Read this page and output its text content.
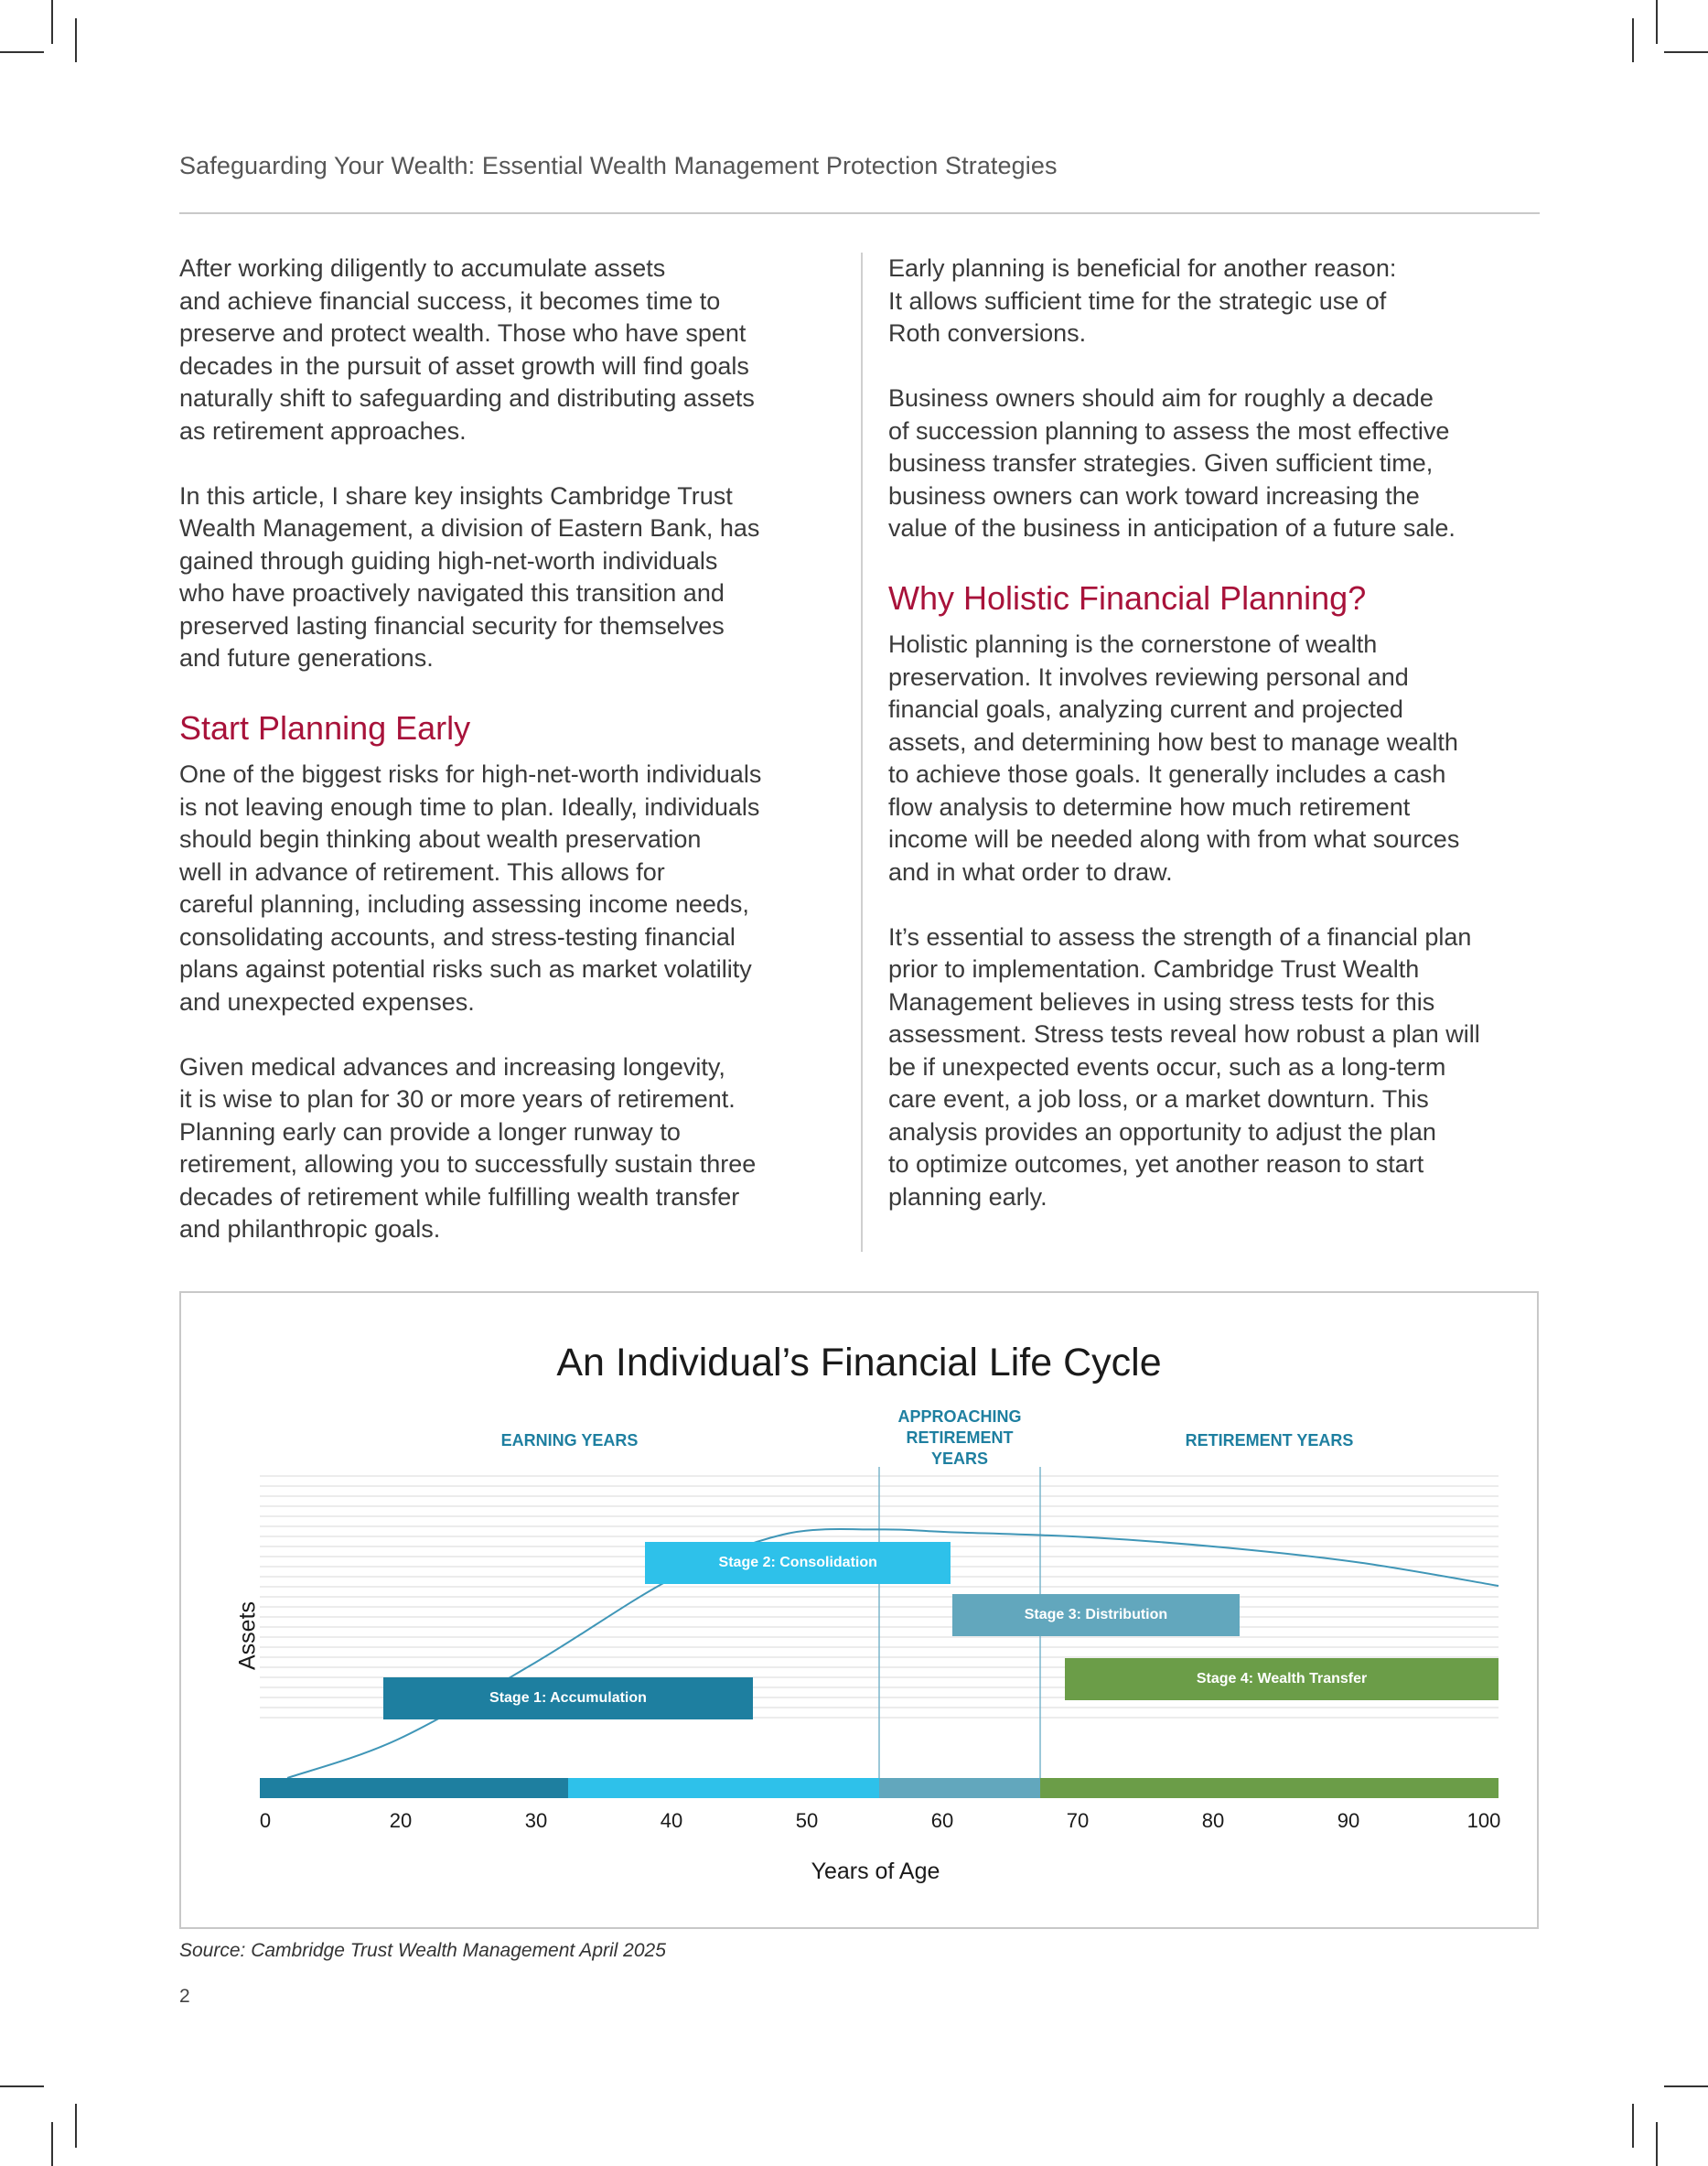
Safeguarding Your Wealth: Essential Wealth Management Protection Strategies

After working diligently to accumulate assets
and achieve financial success, it becomes time to
preserve and protect wealth. Those who have spent
decades in the pursuit of asset growth will find goals
naturally shift to safeguarding and distributing assets
as retirement approaches.

In this article, I share key insights Cambridge Trust
Wealth Management, a division of Eastern Bank, has
gained through guiding high-net-worth individuals
who have proactively navigated this transition and
preserved lasting financial security for themselves
and future generations.

Start Planning Early

One of the biggest risks for high-net-worth individuals
is not leaving enough time to plan. Ideally, individuals
should begin thinking about wealth preservation
well in advance of retirement. This allows for
careful planning, including assessing income needs,
consolidating accounts, and stress-testing financial
plans against potential risks such as market volatility
and unexpected expenses.

Given medical advances and increasing longevity,
it is wise to plan for 30 or more years of retirement.
Planning early can provide a longer runway to
retirement, allowing you to successfully sustain three
decades of retirement while fulfilling wealth transfer
and philanthropic goals.

Early planning is beneficial for another reason:
It allows sufficient time for the strategic use of
Roth conversions.

Business owners should aim for roughly a decade
of succession planning to assess the most effective
business transfer strategies. Given sufficient time,
business owners can work toward increasing the
value of the business in anticipation of a future sale.

Why Holistic Financial Planning?

Holistic planning is the cornerstone of wealth
preservation. It involves reviewing personal and
financial goals, analyzing current and projected
assets, and determining how best to manage wealth
to achieve those goals. It generally includes a cash
flow analysis to determine how much retirement
income will be needed along with from what sources
and in what order to draw.

It’s essential to assess the strength of a financial plan
prior to implementation. Cambridge Trust Wealth
Management believes in using stress tests for this
assessment. Stress tests reveal how robust a plan will
be if unexpected events occur, such as a long-term
care event, a job loss, or a market downturn. This
analysis provides an opportunity to adjust the plan
to optimize outcomes, yet another reason to start
planning early.

An Individual’s Financial Life Cycle
Stage 1: Accumulation
Stage 2: Consolidation
Stage 3: Distribution
Stage 4: Wealth Transfer
EARNING YEARS
APPROACHING
RETIREMENT
YEARS
RETIREMENT YEARS
0	20	30	40	50	60	70	80	90	100
Assets
Years of Age
Source: Cambridge Trust Wealth Management April 2025
2
